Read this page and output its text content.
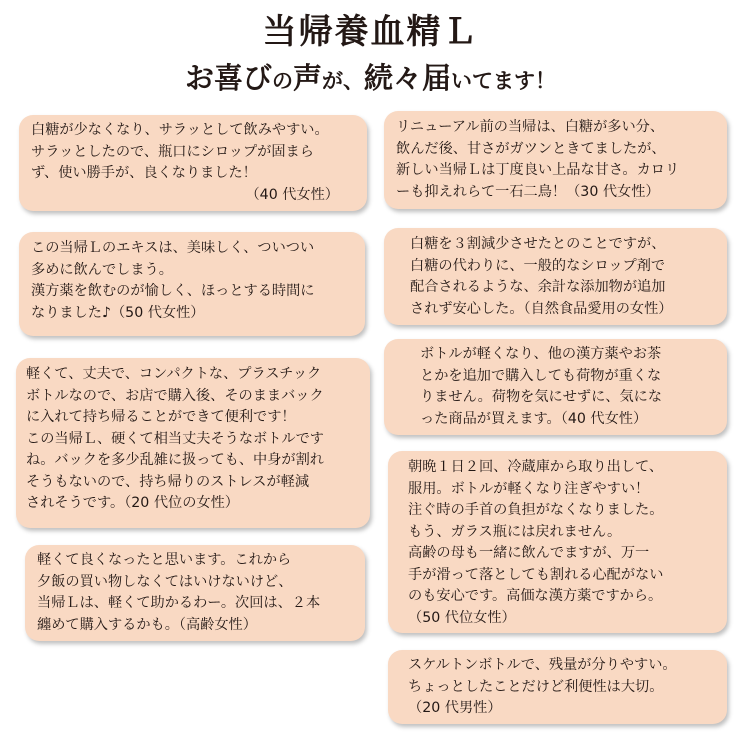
当帰養血精Ｌ
お喜びの声が、続々届いてます！
白糖が少なくなり、サラッとして飲みやすい。
サラッとしたので、瓶口にシロップが固まら
ず、使い勝手が、良くなりました！
（40 代女性）
この当帰Ｌのエキスは、美味しく、ついつい
多めに飲んでしまう。
漢方薬を飲むのが愉しく、ほっとする時間に
なりました♪（50 代女性）
軽くて、丈夫で、コンパクトな、プラスチック
ボトルなので、お店で購入後、そのままバック
に入れて持ち帰ることができて便利です！
この当帰Ｌ、硬くて相当丈夫そうなボトルです
ね。バックを多少乱雑に扱っても、中身が割れ
そうもないので、持ち帰りのストレスが軽減
されそうです。（20 代位の女性）
軽くて良くなったと思います。これから
夕飯の買い物しなくてはいけないけど、
当帰Ｌは、軽くて助かるわー。次回は、２本
纏めて購入するかも。（高齢女性）
リニューアル前の当帰は、白糖が多い分、
飲んだ後、甘さがガツンときてましたが、
新しい当帰Ｌは丁度良い上品な甘さ。カロリ
ーも抑えれらて一石二鳥！（30 代女性）
白糖を３割減少させたとのことですが、
白糖の代わりに、一般的なシロップ剤で
配合されるような、余計な添加物が追加
されず安心した。（自然食品愛用の女性）
ボトルが軽くなり、他の漢方薬やお茶
とかを追加で購入しても荷物が重くな
りません。荷物を気にせずに、気にな
った商品が買えます。（40 代女性）
朝晩１日２回、冷蔵庫から取り出して、
服用。ボトルが軽くなり注ぎやすい！
注ぐ時の手首の負担がなくなりました。
もう、ガラス瓶には戻れません。
高齢の母も一緒に飲んでますが、万一
手が滑って落としても割れる心配がない
のも安心です。高価な漢方薬ですから。
（50 代位女性）
スケルトンボトルで、残量が分りやすい。
ちょっとしたことだけど利便性は大切。
（20 代男性）
